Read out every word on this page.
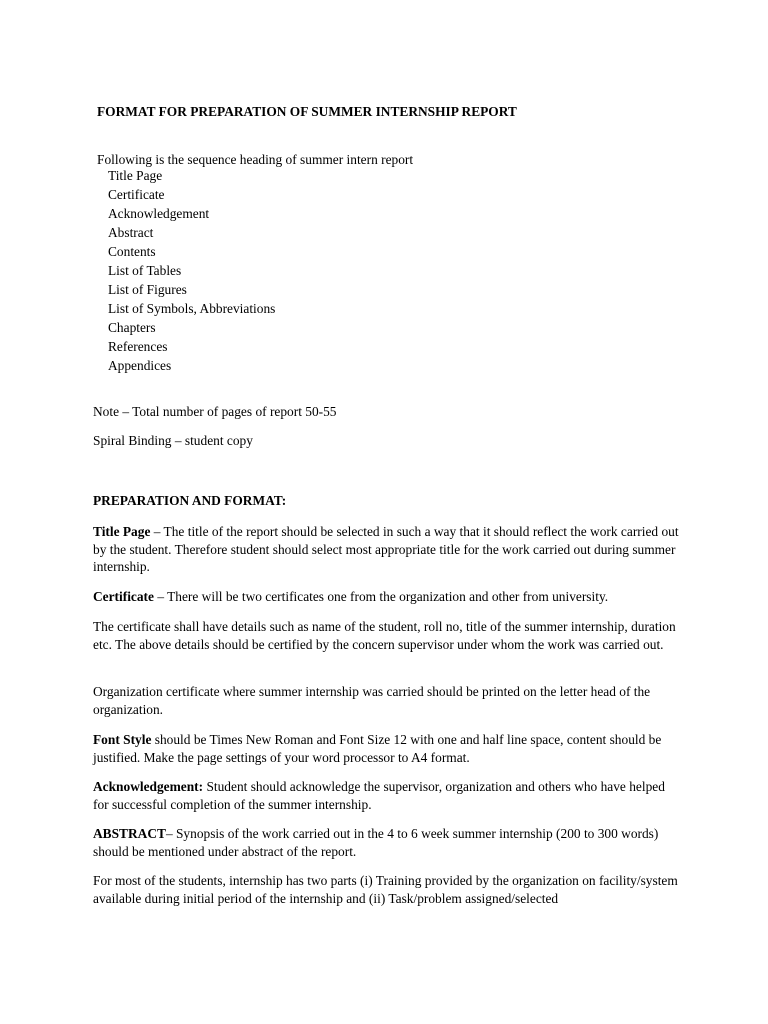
FORMAT FOR PREPARATION OF SUMMER INTERNSHIP REPORT
Following is the sequence heading of summer intern report
Title Page
Certificate
Acknowledgement
Abstract
Contents
List of Tables
List of Figures
List of Symbols, Abbreviations
Chapters
References
Appendices
Note – Total number of pages of report 50-55
Spiral Binding – student copy
PREPARATION AND FORMAT:

Title Page – The title of the report should be selected in such a way that it should reflect the work carried out by the student. Therefore student should select most appropriate title for the work carried out during summer internship.

Certificate – There will be two certificates one from the organization and other from university.

The certificate shall have details such as name of the student, roll no, title of the summer internship, duration etc. The above details should be certified by the concern supervisor under whom the work was carried out.

Organization certificate where summer internship was carried should be printed on the letter head of the organization.

Font Style should be Times New Roman and Font Size 12 with one and half line space, content should be justified. Make the page settings of your word processor to A4 format.

Acknowledgement: Student should acknowledge the supervisor, organization and others who have helped for successful completion of the summer internship.

ABSTRACT– Synopsis of the work carried out in the 4 to 6 week summer internship (200 to 300 words) should be mentioned under abstract of the report.

For most of the students, internship has two parts (i) Training provided by the organization on facility/system available during initial period of the internship and (ii) Task/problem assigned/selected
